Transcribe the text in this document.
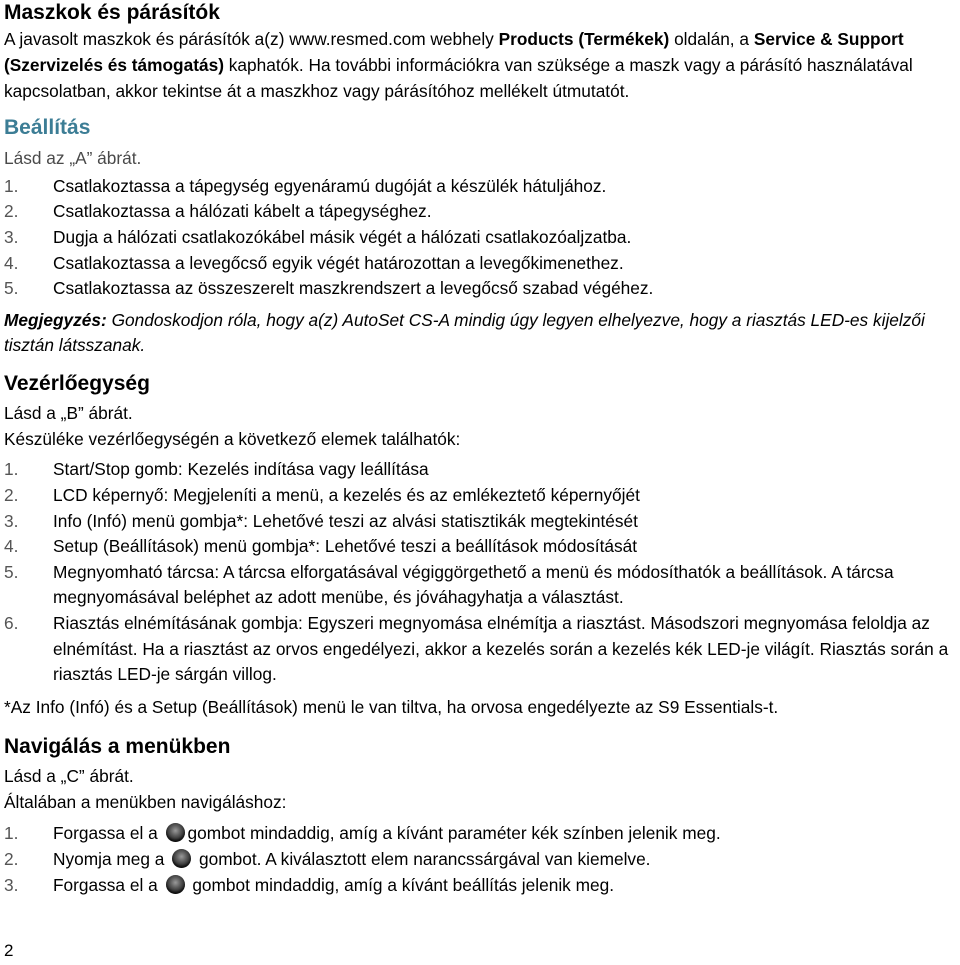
Maszkok és párásítók

A javasolt maszkok és párásítók a(z) www.resmed.com webhely Products (Termékek) oldalán, a Service & Support (Szervizelés és támogatás) kaphatók. Ha további információkra van szüksége a maszk vagy a párásító használatával kapcsolatban, akkor tekintse át a maszkhoz vagy párásítóhoz mellékelt útmutatót.

Beállítás

Lásd az „A” ábrát.

1. Csatlakoztassa a tápegység egyenáramú dugóját a készülék hátuljához.
2. Csatlakoztassa a hálózati kábelt a tápegységhez.
3. Dugja a hálózati csatlakozókábel másik végét a hálózati csatlakozóaljzatba.
4. Csatlakoztassa a levegőcső egyik végét határozottan a levegőkimenethez.
5. Csatlakoztassa az összeszerelt maszkrendszert a levegőcső szabad végéhez.

Megjegyzés: Gondoskodjon róla, hogy a(z) AutoSet CS-A mindig úgy legyen elhelyezve, hogy a riasztás LED-es kijelzői tisztán látsszanak.

Vezérlőegység

Lásd a „B” ábrát.

Készüléke vezérlőegységén a következő elemek találhatók:

1. Start/Stop gomb: Kezelés indítása vagy leállítása
2. LCD képernyő: Megjeleníti a menü, a kezelés és az emlékeztető képernyőjét
3. Info (Infó) menü gombja*: Lehetővé teszi az alvási statisztikák megtekintését
4. Setup (Beállítások) menü gombja*: Lehetővé teszi a beállítások módosítását
5. Megnyomható tárcsa: A tárcsa elforgatásával végiggörgethető a menü és módosíthatók a beállítások. A tárcsa megnyomásával beléphet az adott menübe, és jóváhagyhatja a választást.
6. Riasztás elnémításának gombja: Egyszeri megnyomása elnémítja a riasztást. Másodszori megnyomása feloldja az elnémítást. Ha a riasztást az orvos engedélyezi, akkor a kezelés során a kezelés kék LED-je világít. Riasztás során a riasztás LED-je sárgán villog.

*Az Info (Infó) és a Setup (Beállítások) menü le van tiltva, ha orvosa engedélyezte az S9 Essentials-t.

Navigálás a menükben

Lásd a „C” ábrát.

Általában a menükben navigáláshoz:

1. Forgassa el a gombot mindaddig, amíg a kívánt paraméter kék színben jelenik meg.
2. Nyomja meg a  gombot. A kiválasztott elem narancssárgával van kiemelve.
3. Forgassa el a  gombot mindaddig, amíg a kívánt beállítás jelenik meg.
2
